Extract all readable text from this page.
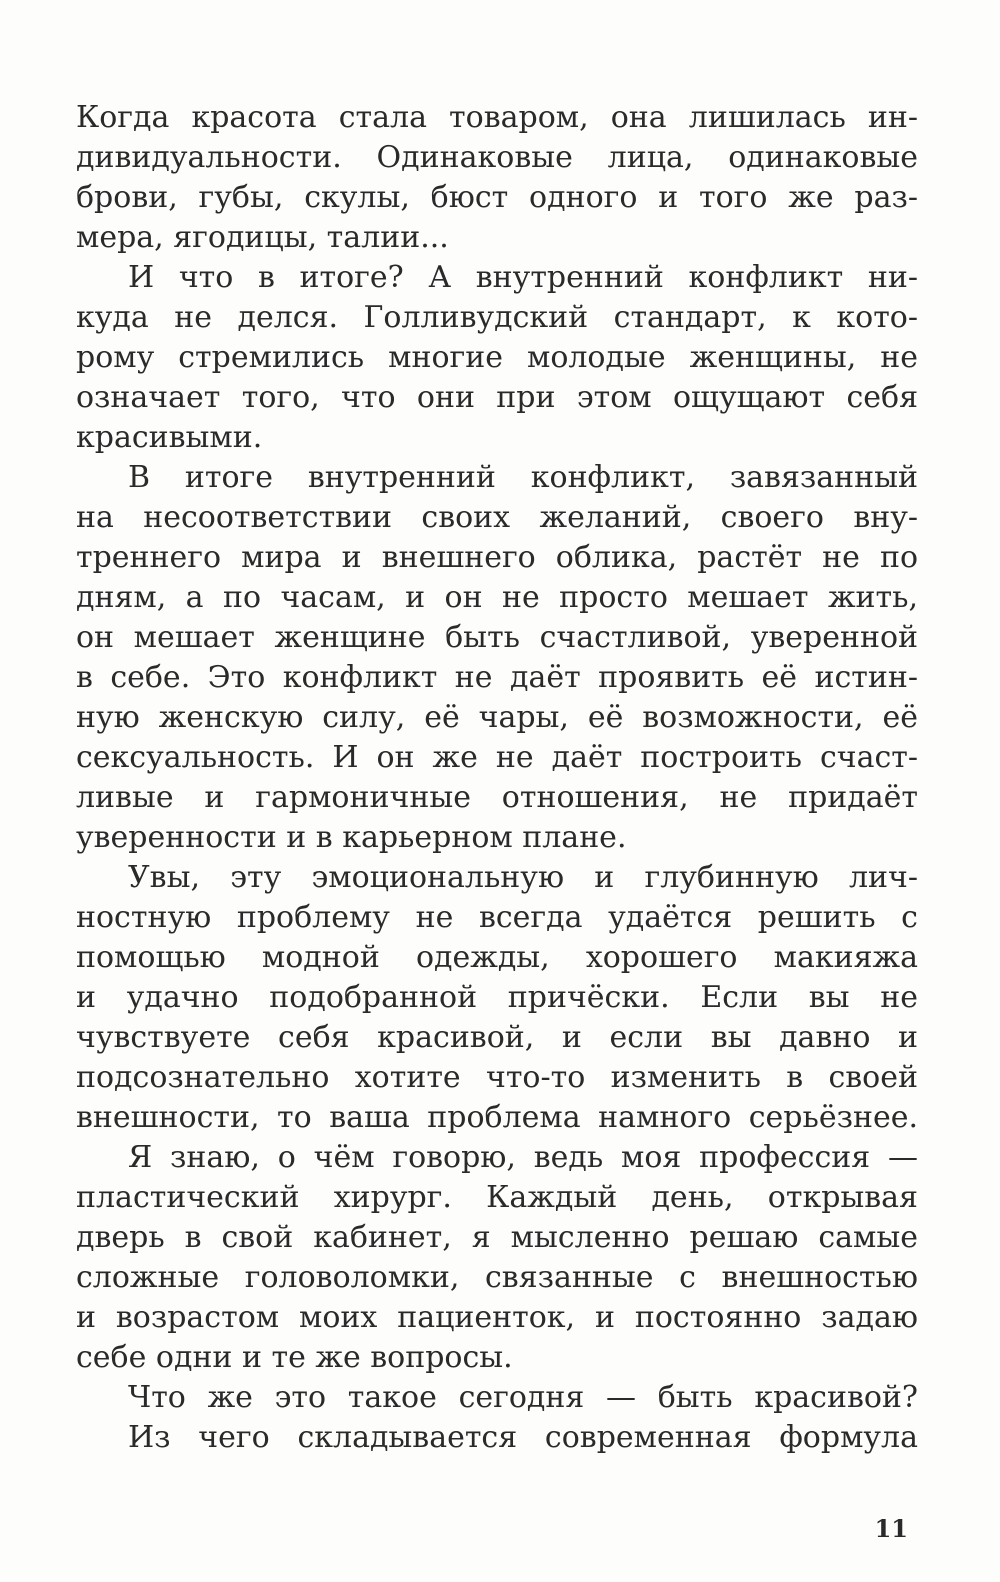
Когда красота стала товаром, она лишилась ин-
дивидуальности. Одинаковые лица, одинаковые
брови, губы, скулы, бюст одного и того же раз-
мера, ягодицы, талии...
И что в итоге? А внутренний конфликт ни-
куда не делся. Голливудский стандарт, к кото-
рому стремились многие молодые женщины, не
означает того, что они при этом ощущают себя
красивыми.
В итоге внутренний конфликт, завязанный
на несоответствии своих желаний, своего вну-
треннего мира и внешнего облика, растёт не по
дням, а по часам, и он не просто мешает жить,
он мешает женщине быть счастливой, уверенной
в себе. Это конфликт не даёт проявить её истин-
ную женскую силу, её чары, её возможности, её
сексуальность. И он же не даёт построить счаст-
ливые и гармоничные отношения, не придаёт
уверенности и в карьерном плане.
Увы, эту эмоциональную и глубинную лич-
ностную проблему не всегда удаётся решить с
помощью модной одежды, хорошего макияжа
и удачно подобранной причёски. Если вы не
чувствуете себя красивой, и если вы давно и
подсознательно хотите что-то изменить в своей
внешности, то ваша проблема намного серьёзнее.
Я знаю, о чём говорю, ведь моя профессия —
пластический хирург. Каждый день, открывая
дверь в свой кабинет, я мысленно решаю самые
сложные головоломки, связанные с внешностью
и возрастом моих пациенток, и постоянно задаю
себе одни и те же вопросы.
Что же это такое сегодня — быть красивой?
Из чего складывается современная формула
11
